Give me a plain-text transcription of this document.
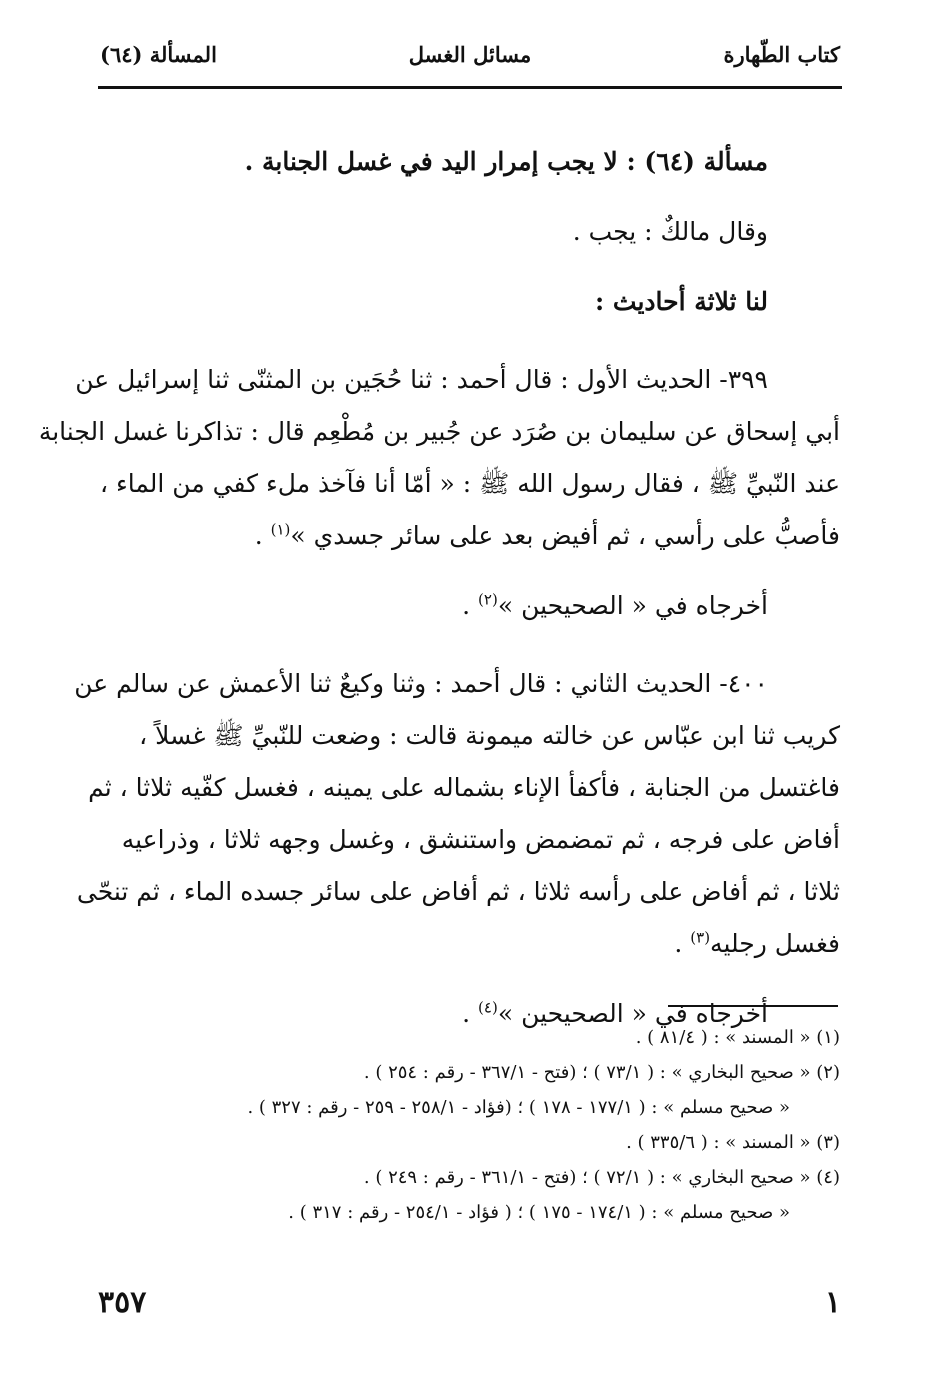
كتاب الطّهارة
مسائل الغسل
المسألة (٦٤)

مسألة (٦٤) : لا يجب إمرار اليد في غسل الجنابة .

وقال مالكٌ : يجب .

لنا ثلاثة أحاديث :

٣٩٩- الحديث الأول : قال أحمد : ثنا حُجَين بن المثنّى ثنا إسرائيل عن
أبي إسحاق عن سليمان بن صُرَد عن جُبير بن مُطْعِم قال : تذاكرنا غسل الجنابة
عند النّبيِّ ﷺ ، فقال رسول الله ﷺ : « أمّا أنا فآخذ ملء كفي من الماء ،
فأصبُّ على رأسي ، ثم أفيض بعد على سائر جسدي »$^{(١)}$ .
أخرجاه في « الصحيحين »$^{(٢)}$ .
٤٠٠- الحديث الثاني : قال أحمد : وثنا وكيعٌ ثنا الأعمش عن سالم عن
كريب ثنا ابن عبّاس عن خالته ميمونة قالت : وضعت للنّبيِّ ﷺ غسلاً ،
فاغتسل من الجنابة ، فأكفأ الإناء بشماله على يمينه ، فغسل كفّيه ثلاثا ، ثم
أفاض على فرجه ، ثم تمضمض واستنشق ، وغسل وجهه ثلاثا ، وذراعيه
ثلاثا ، ثم أفاض على رأسه ثلاثا ، ثم أفاض على سائر جسده الماء ، ثم تنحّى
فغسل رجليه$^{(٣)}$ .
أخرجاه في « الصحيحين »$^{(٤)}$ .
(١) « المسند » : ( ٨١/٤ ) .
(٢) « صحيح البخاري » : ( ٧٣/١ ) ؛ (فتح - ٣٦٧/١ - رقم : ٢٥٤ ) .
« صحيح مسلم » : ( ١٧٧/١ - ١٧٨ ) ؛ (فؤاد - ٢٥٨/١ - ٢٥٩ - رقم : ٣٢٧ ) .
(٣) « المسند » : ( ٣٣٥/٦ ) .
(٤) « صحيح البخاري » : ( ٧٢/١ ) ؛ (فتح - ٣٦١/١ - رقم : ٢٤٩ ) .
« صحيح مسلم » : ( ١٧٤/١ - ١٧٥ ) ؛ ( فؤاد - ٢٥٤/١ - رقم : ٣١٧ ) .
٣٥٧	١
